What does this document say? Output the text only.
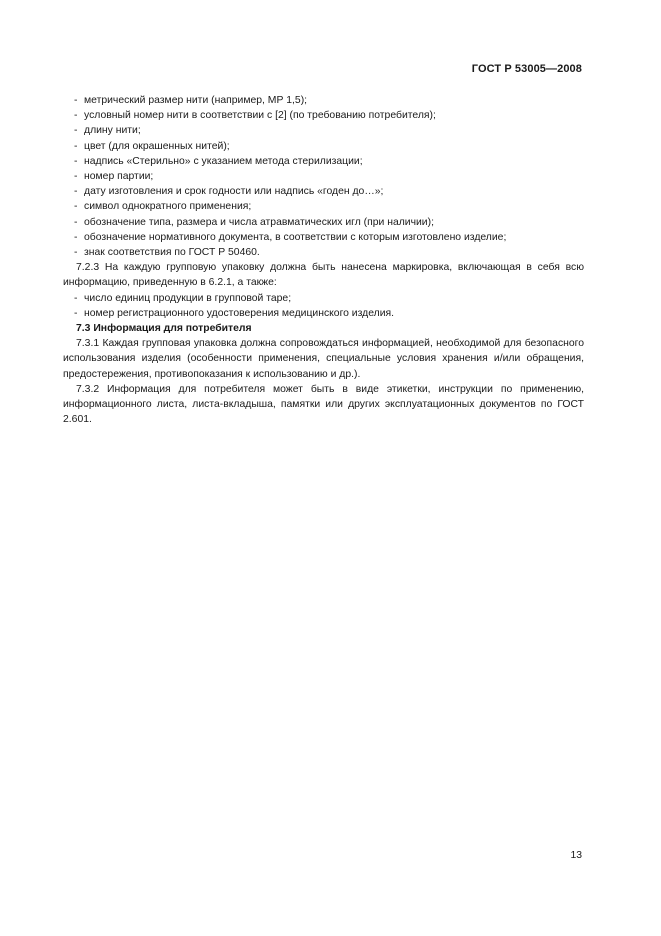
ГОСТ Р 53005—2008
- метрический размер нити (например, МР 1,5);
- условный номер нити в соответствии с [2] (по требованию потребителя);
- длину нити;
- цвет (для окрашенных нитей);
- надпись «Стерильно» с указанием метода стерилизации;
- номер партии;
- дату изготовления и срок годности или надпись «годен до…»;
- символ однократного применения;
- обозначение типа, размера и числа атравматических игл (при наличии);
- обозначение нормативного документа, в соответствии с которым изготовлено изделие;
- знак соответствия по ГОСТ Р 50460.
7.2.3 На каждую групповую упаковку должна быть нанесена маркировка, включающая в себя всю информацию, приведенную в 6.2.1, а также:
- число единиц продукции в групповой таре;
- номер регистрационного удостоверения медицинского изделия.
7.3 Информация для потребителя
7.3.1 Каждая групповая упаковка должна сопровождаться информацией, необходимой для безопасного использования изделия (особенности применения, специальные условия хранения и/или обращения, предостережения, противопоказания к использованию и др.).
7.3.2 Информация для потребителя может быть в виде этикетки, инструкции по применению, информационного листа, листа-вкладыша, памятки или других эксплуатационных документов по ГОСТ 2.601.
13
